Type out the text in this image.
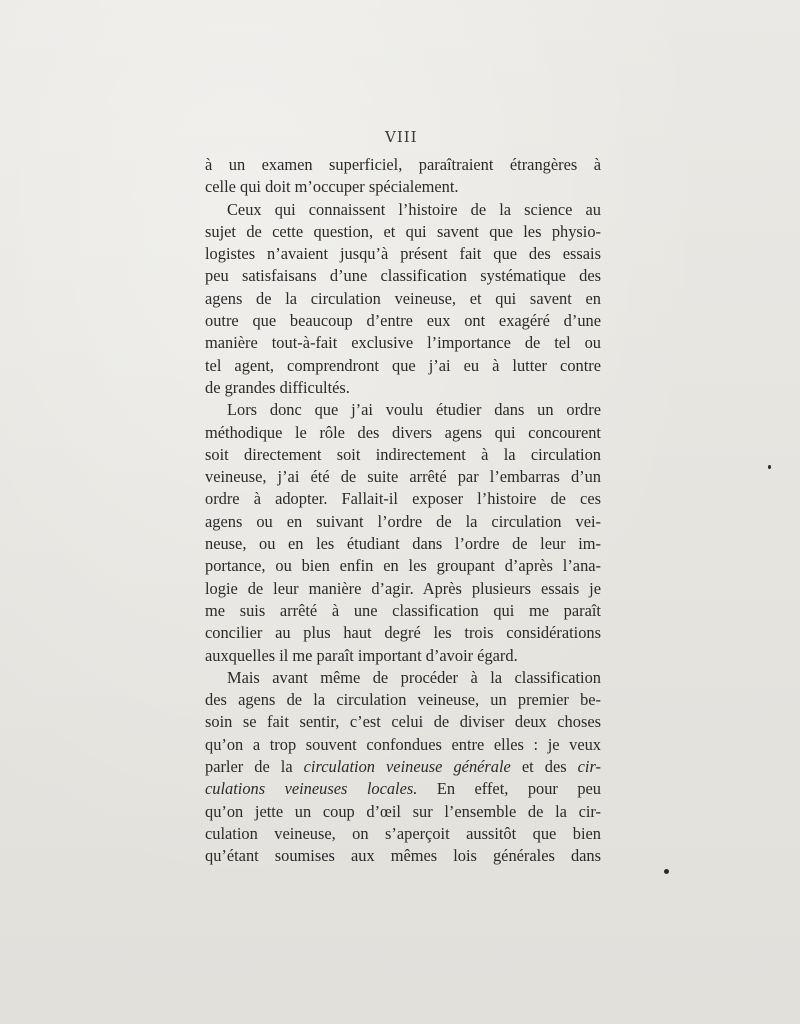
VIII
à un examen superficiel, paraîtraient étrangères à
celle qui doit m’occuper spécialement.
Ceux qui connaissent l’histoire de la science au
sujet de cette question, et qui savent que les physio-
logistes n’avaient jusqu’à présent fait que des essais
peu satisfaisans d’une classification systématique des
agens de la circulation veineuse, et qui savent en
outre que beaucoup d’entre eux ont exagéré d’une
manière tout-à-fait exclusive l’importance de tel ou
tel agent, comprendront que j’ai eu à lutter contre
de grandes difficultés.
Lors donc que j’ai voulu étudier dans un ordre
méthodique le rôle des divers agens qui concourent
soit directement soit indirectement à la circulation
veineuse, j’ai été de suite arrêté par l’embarras d’un
ordre à adopter. Fallait-il exposer l’histoire de ces
agens ou en suivant l’ordre de la circulation vei-
neuse, ou en les étudiant dans l’ordre de leur im-
portance, ou bien enfin en les groupant d’après l’ana-
logie de leur manière d’agir. Après plusieurs essais je
me suis arrêté à une classification qui me paraît
concilier au plus haut degré les trois considérations
auxquelles il me paraît important d’avoir égard.
Mais avant même de procéder à la classification
des agens de la circulation veineuse, un premier be-
soin se fait sentir, c’est celui de diviser deux choses
qu’on a trop souvent confondues entre elles : je veux
parler de la circulation veineuse générale et des cir-
culations veineuses locales. En effet, pour peu
qu’on jette un coup d’œil sur l’ensemble de la cir-
culation veineuse, on s’aperçoit aussitôt que bien
qu’étant soumises aux mêmes lois générales dans
